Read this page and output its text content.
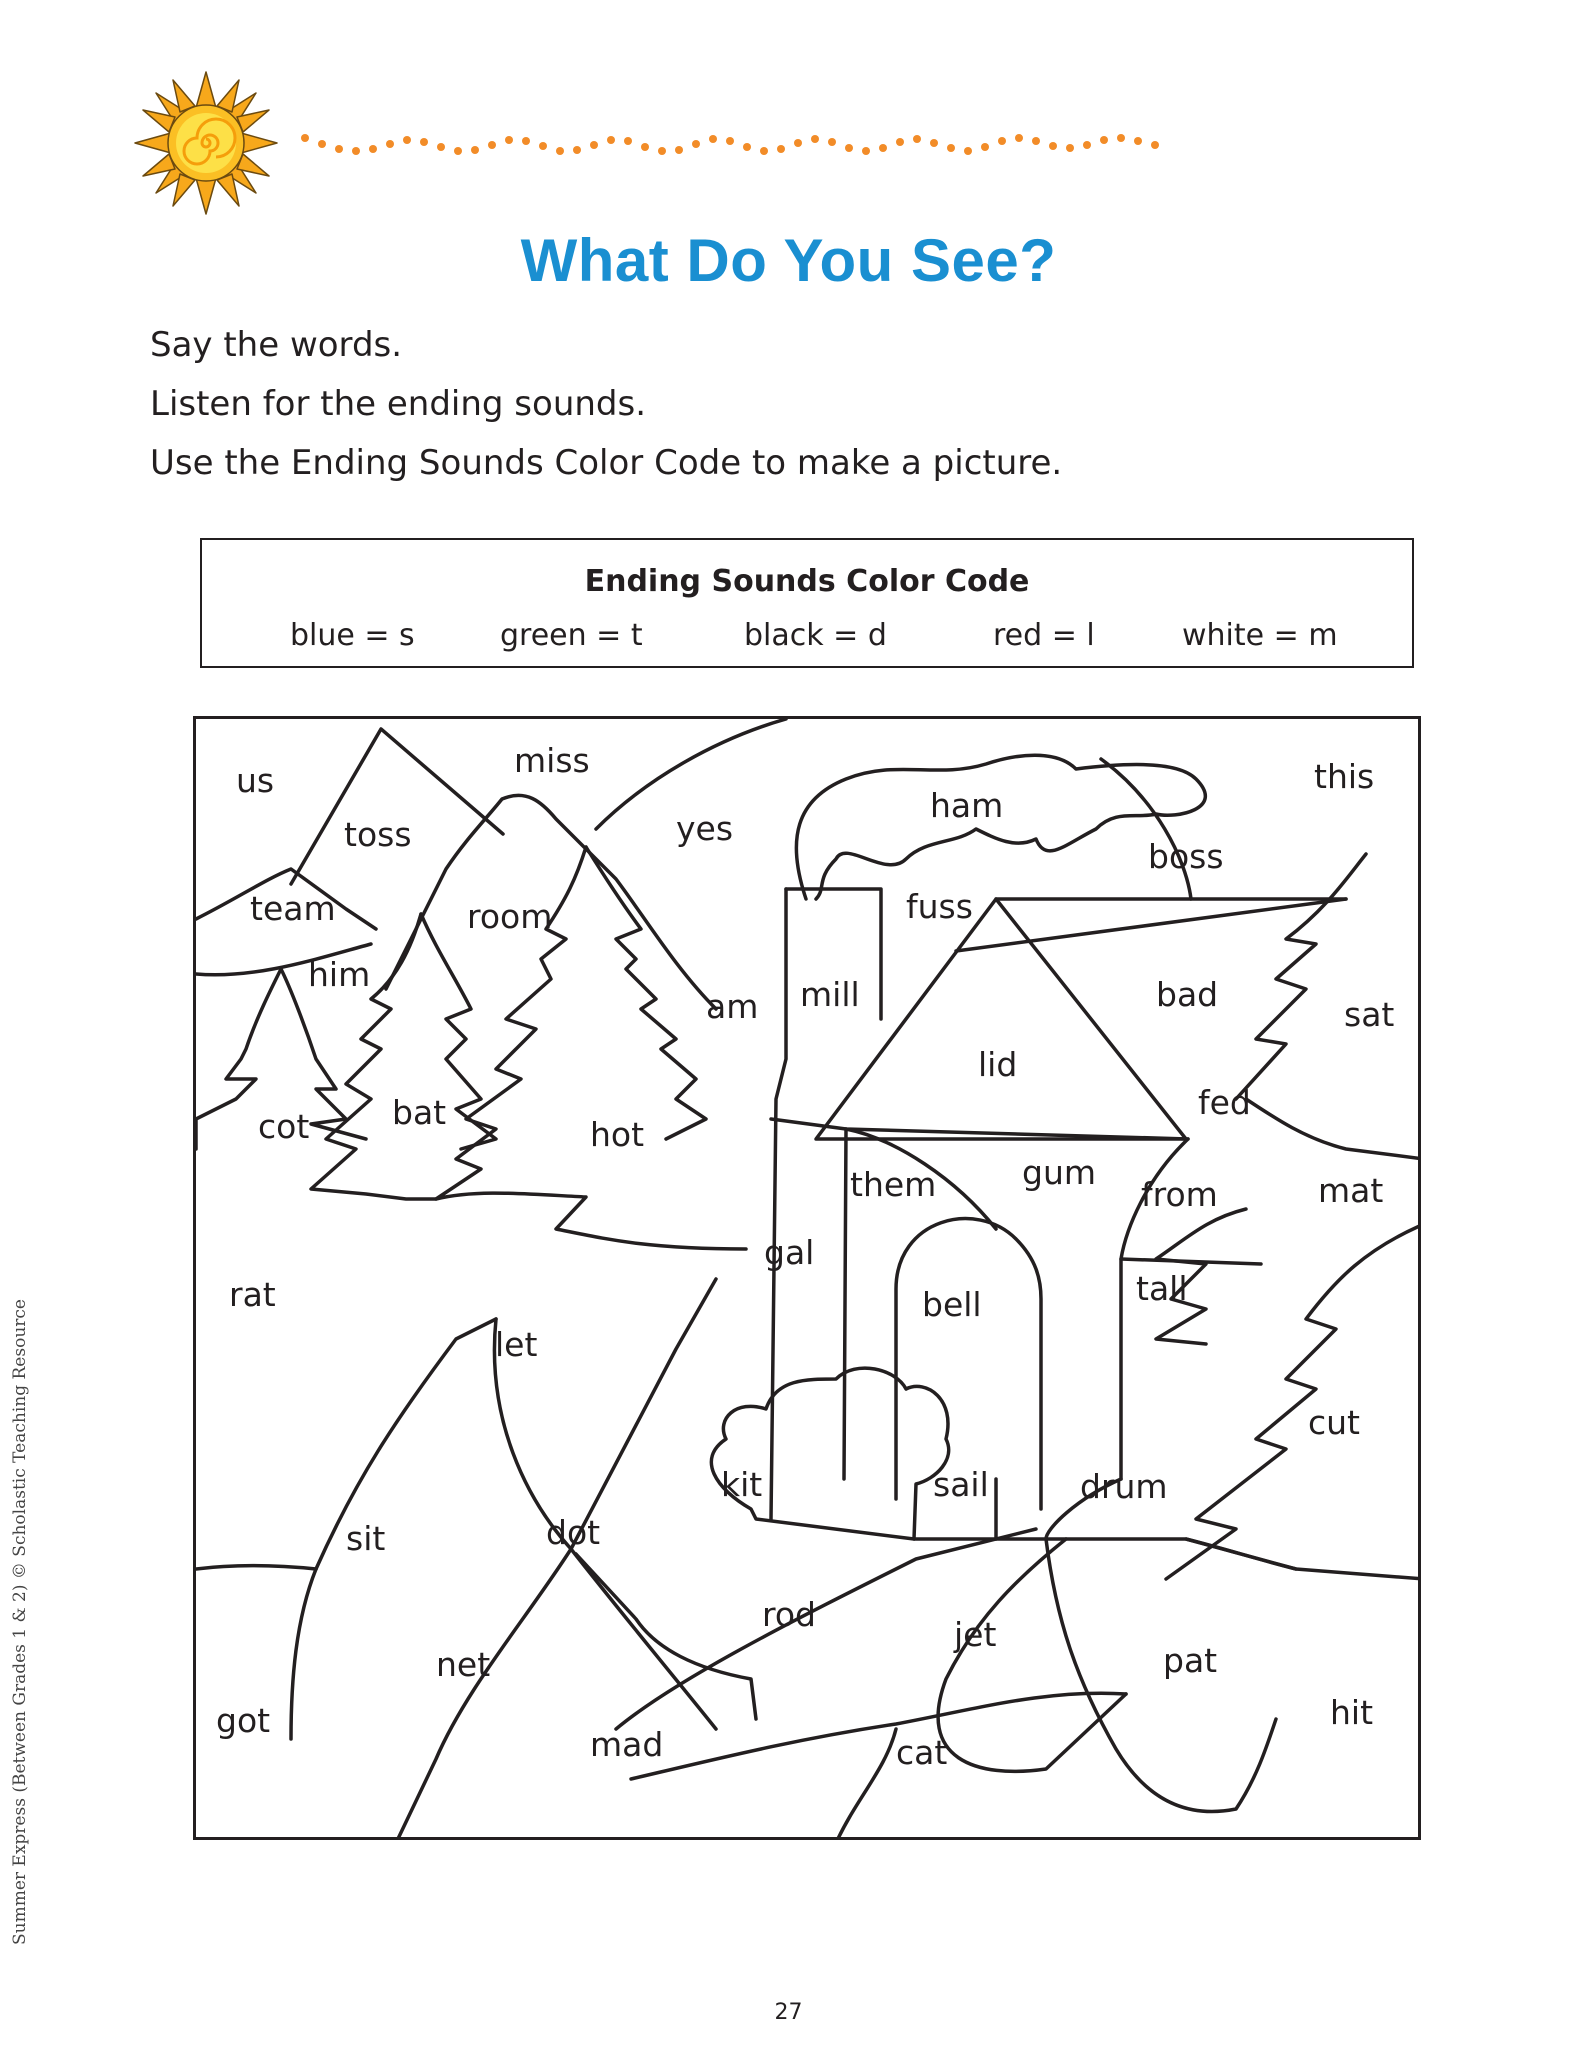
What Do You See?
Say the words.
Listen for the ending sounds.
Use the Ending Sounds Color Code to make a picture.
Ending Sounds Color Code
blue = s	green = t	black = d	red = l	white = m
us
miss
toss	yes
ham
this
boss
team	room	fuss
him
am mill	bad
sat
lid
cot	bat
hot
fed
them	gum
from	mat
gal
tall
rat	bell
let
cut
kit	sail	drum
sit	dot
rod
jet
pat
net
hit
got
mad	cat
Summer Express (Between Grades 1 & 2) © Scholastic Teaching Resource
27
